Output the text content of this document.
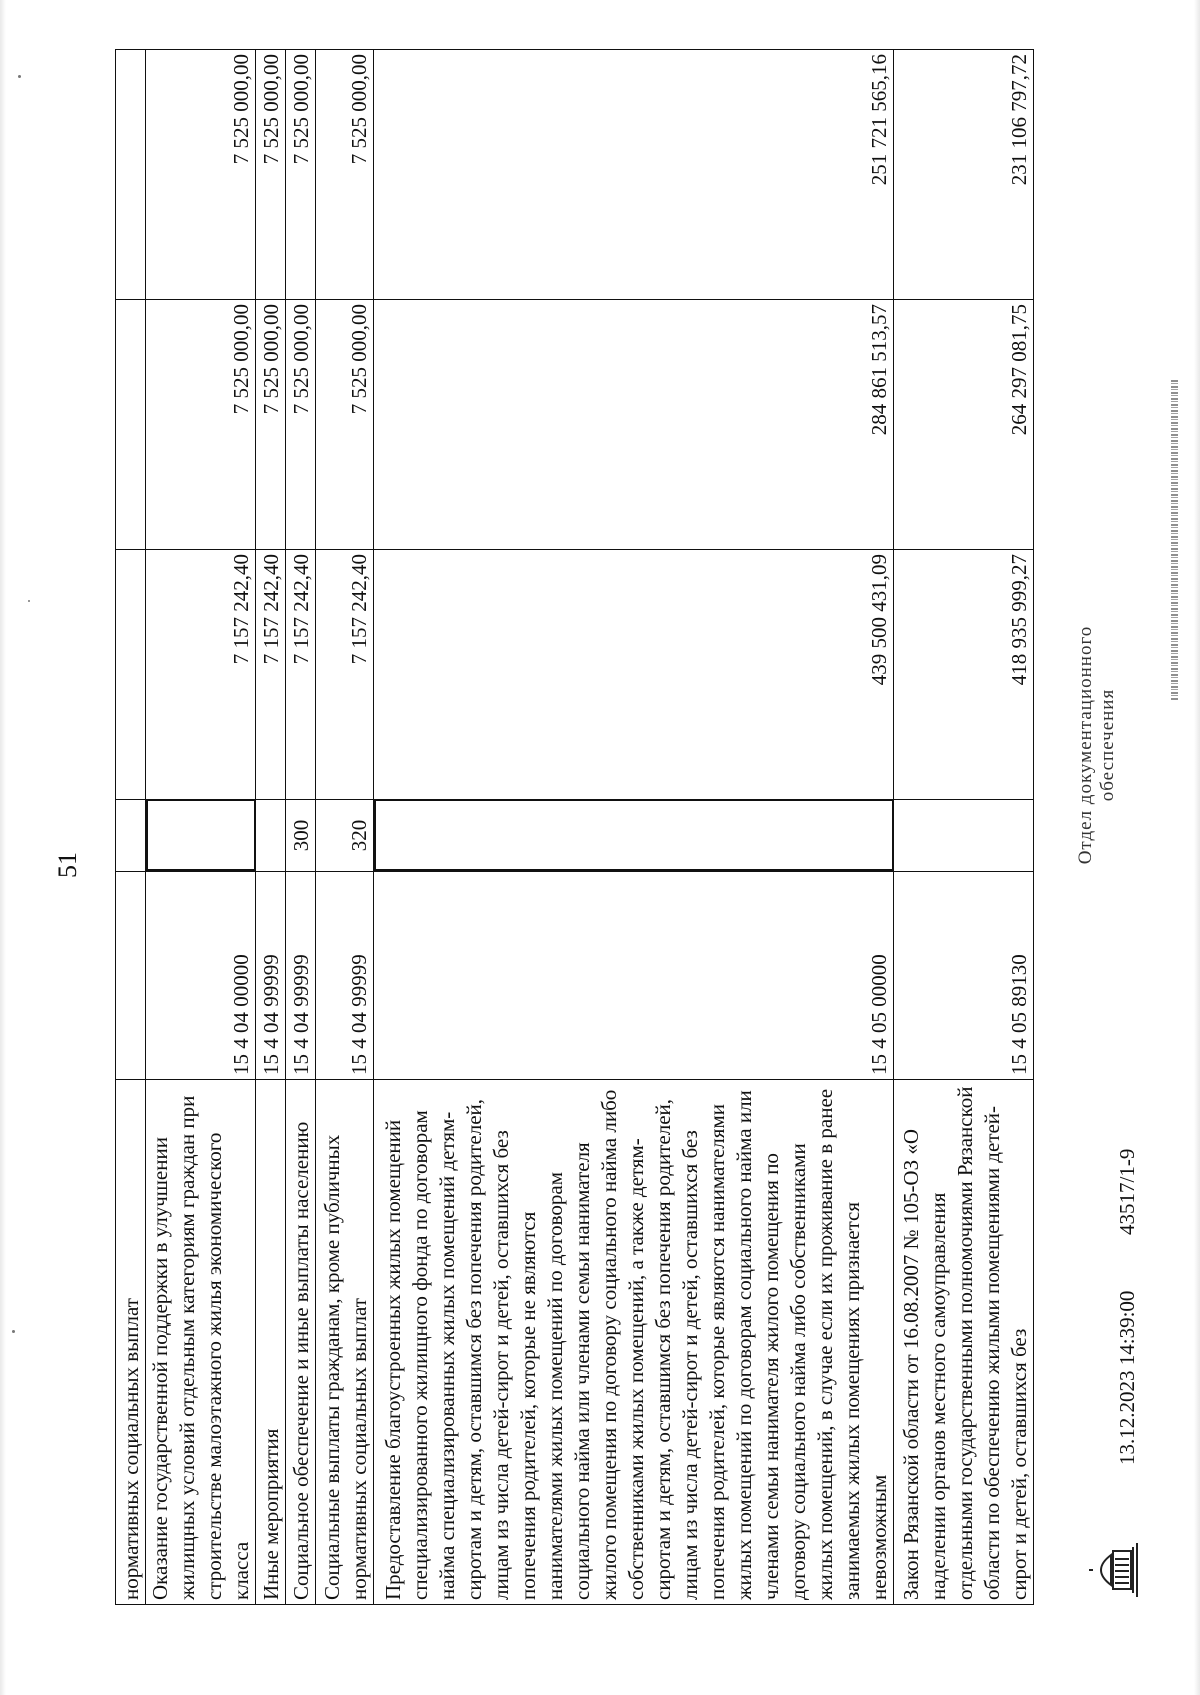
51
нормативных социальных выплат					
Оказание государственной поддержки в улучшении жилищных условий отдельным категориям граждан при строительстве малоэтажного жилья экономического класса	15 4 04 00000		7 157 242,40	7 525 000,00	7 525 000,00
Иные мероприятия	15 4 04 99999		7 157 242,40	7 525 000,00	7 525 000,00
Социальное обеспечение и иные выплаты населению	15 4 04 99999	300	7 157 242,40	7 525 000,00	7 525 000,00
Социальные выплаты гражданам, кроме публичных нормативных социальных выплат	15 4 04 99999	320	7 157 242,40	7 525 000,00	7 525 000,00
Предоставление благоустроенных жилых помещений специализированного жилищного фонда по договорам найма специализированных жилых помещений детям-сиротам и детям, оставшимся без попечения родителей, лицам из числа детей-сирот и детей, оставшихся без попечения родителей, которые не являются нанимателями жилых помещений по договорам социального найма или членами семьи нанимателя жилого помещения по договору социального найма либо собственниками жилых помещений, а также детям-сиротам и детям, оставшимся без попечения родителей, лицам из числа детей-сирот и детей, оставшихся без попечения родителей, которые являются нанимателями жилых помещений по договорам социального найма или членами семьи нанимателя жилого помещения по договору социального найма либо собственниками жилых помещений, в случае если их проживание в ранее занимаемых жилых помещениях признается невозможным	15 4 05 00000		439 500 431,09	284 861 513,57	251 721 565,16
Закон Рязанской области от 16.08.2007 № 105-ОЗ «О наделении органов местного самоуправления отдельными государственными полномочиями Рязанской области по обеспечению жилыми помещениями детей-сирот и детей, оставшихся без	15 4 05 89130		418 935 999,27	264 297 081,75	231 106 797,72
13.12.2023 14:39:00
43517/1-9
Отдел документационного обеспечения
